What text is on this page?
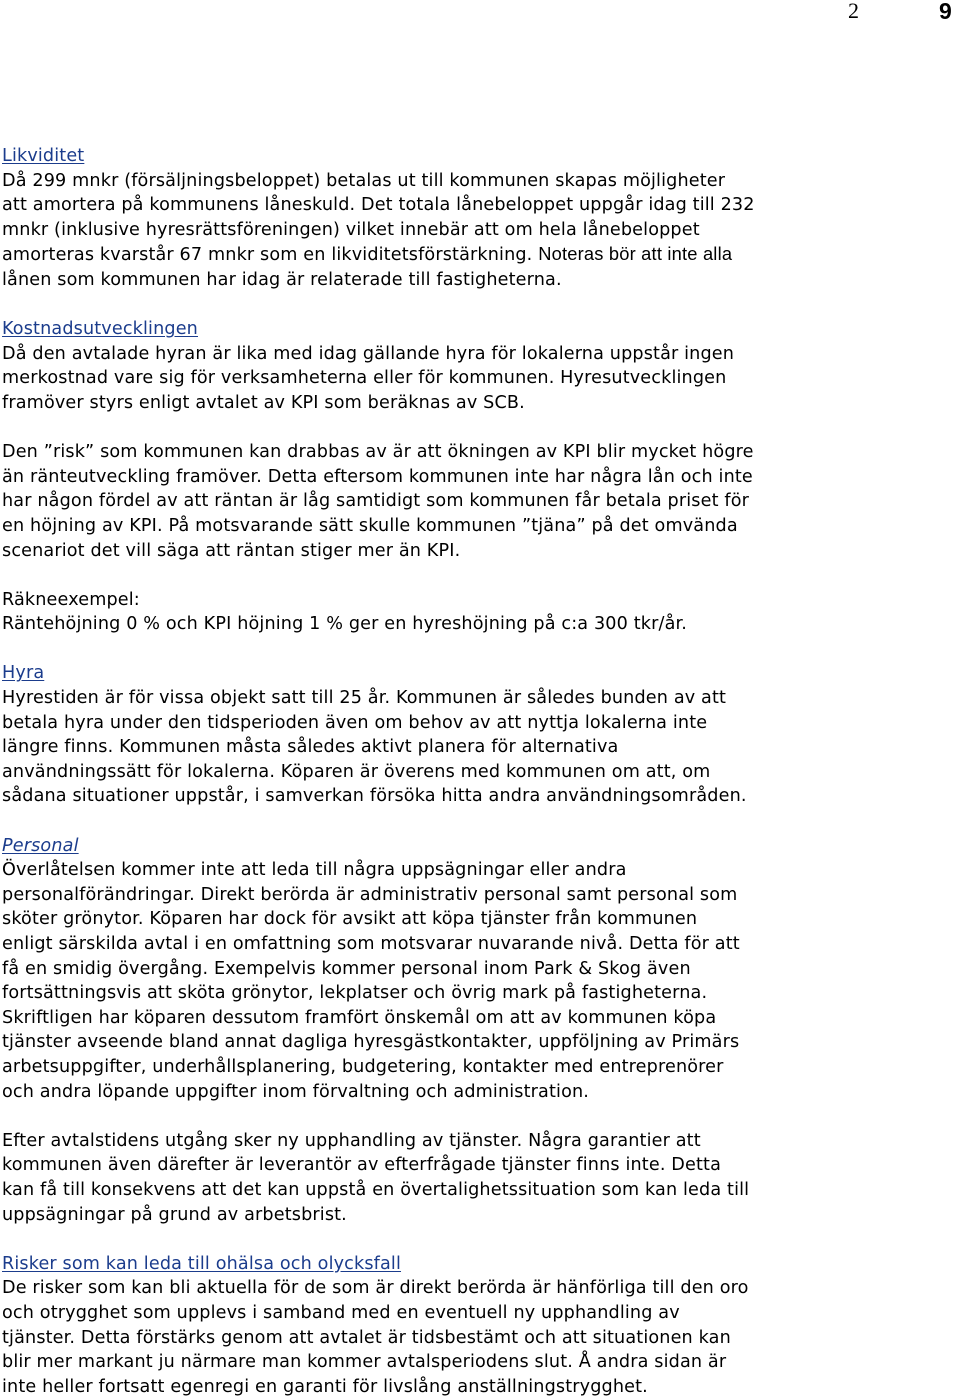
2	9
Likviditet
Då 299 mnkr (försäljningsbeloppet) betalas ut till kommunen skapas möjligheter
att amortera på kommunens låneskuld. Det totala lånebeloppet uppgår idag till 232
mnkr (inklusive hyresrättsföreningen) vilket innebär att om hela lånebeloppet
amorteras kvarstår 67 mnkr som en likviditetsförstärkning. Noteras bör att inte alla
lånen som kommunen har idag är relaterade till fastigheterna.
Kostnadsutvecklingen
Då den avtalade hyran är lika med idag gällande hyra för lokalerna uppstår ingen
merkostnad vare sig för verksamheterna eller för kommunen. Hyresutvecklingen
framöver styrs enligt avtalet av KPI som beräknas av SCB.
Den ”risk” som kommunen kan drabbas av är att ökningen av KPI blir mycket högre
än ränteutveckling framöver. Detta eftersom kommunen inte har några lån och inte
har någon fördel av att räntan är låg samtidigt som kommunen får betala priset för
en höjning av KPI. På motsvarande sätt skulle kommunen ”tjäna” på det omvända
scenariot det vill säga att räntan stiger mer än KPI.
Räkneexempel:
Räntehöjning 0 % och KPI höjning 1 % ger en hyreshöjning på c:a 300 tkr/år.
Hyra
Hyrestiden är för vissa objekt satt till 25 år. Kommunen är således bunden av att
betala hyra under den tidsperioden även om behov av att nyttja lokalerna inte
längre finns. Kommunen måsta således aktivt planera för alternativa
användningssätt för lokalerna. Köparen är överens med kommunen om att, om
sådana situationer uppstår, i samverkan försöka hitta andra användningsområden.
Personal
Överlåtelsen kommer inte att leda till några uppsägningar eller andra
personalförändringar. Direkt berörda är administrativ personal samt personal som
sköter grönytor. Köparen har dock för avsikt att köpa tjänster från kommunen
enligt särskilda avtal i en omfattning som motsvarar nuvarande nivå. Detta för att
få en smidig övergång. Exempelvis kommer personal inom Park & Skog även
fortsättningsvis att sköta grönytor, lekplatser och övrig mark på fastigheterna.
Skriftligen har köparen dessutom framfört önskemål om att av kommunen köpa
tjänster avseende bland annat dagliga hyresgästkontakter, uppföljning av Primärs
arbetsuppgifter, underhållsplanering, budgetering, kontakter med entreprenörer
och andra löpande uppgifter inom förvaltning och administration.
Efter avtalstidens utgång sker ny upphandling av tjänster. Några garantier att
kommunen även därefter är leverantör av efterfrågade tjänster finns inte. Detta
kan få till konsekvens att det kan uppstå en övertalighetssituation som kan leda till
uppsägningar på grund av arbetsbrist.
Risker som kan leda till ohälsa och olycksfall
De risker som kan bli aktuella för de som är direkt berörda är hänförliga till den oro
och otrygghet som upplevs i samband med en eventuell ny upphandling av
tjänster. Detta förstärks genom att avtalet är tidsbestämt och att situationen kan
blir mer markant ju närmare man kommer avtalsperiodens slut. Å andra sidan är
inte heller fortsatt egenregi en garanti för livslång anställningstrygghet.
